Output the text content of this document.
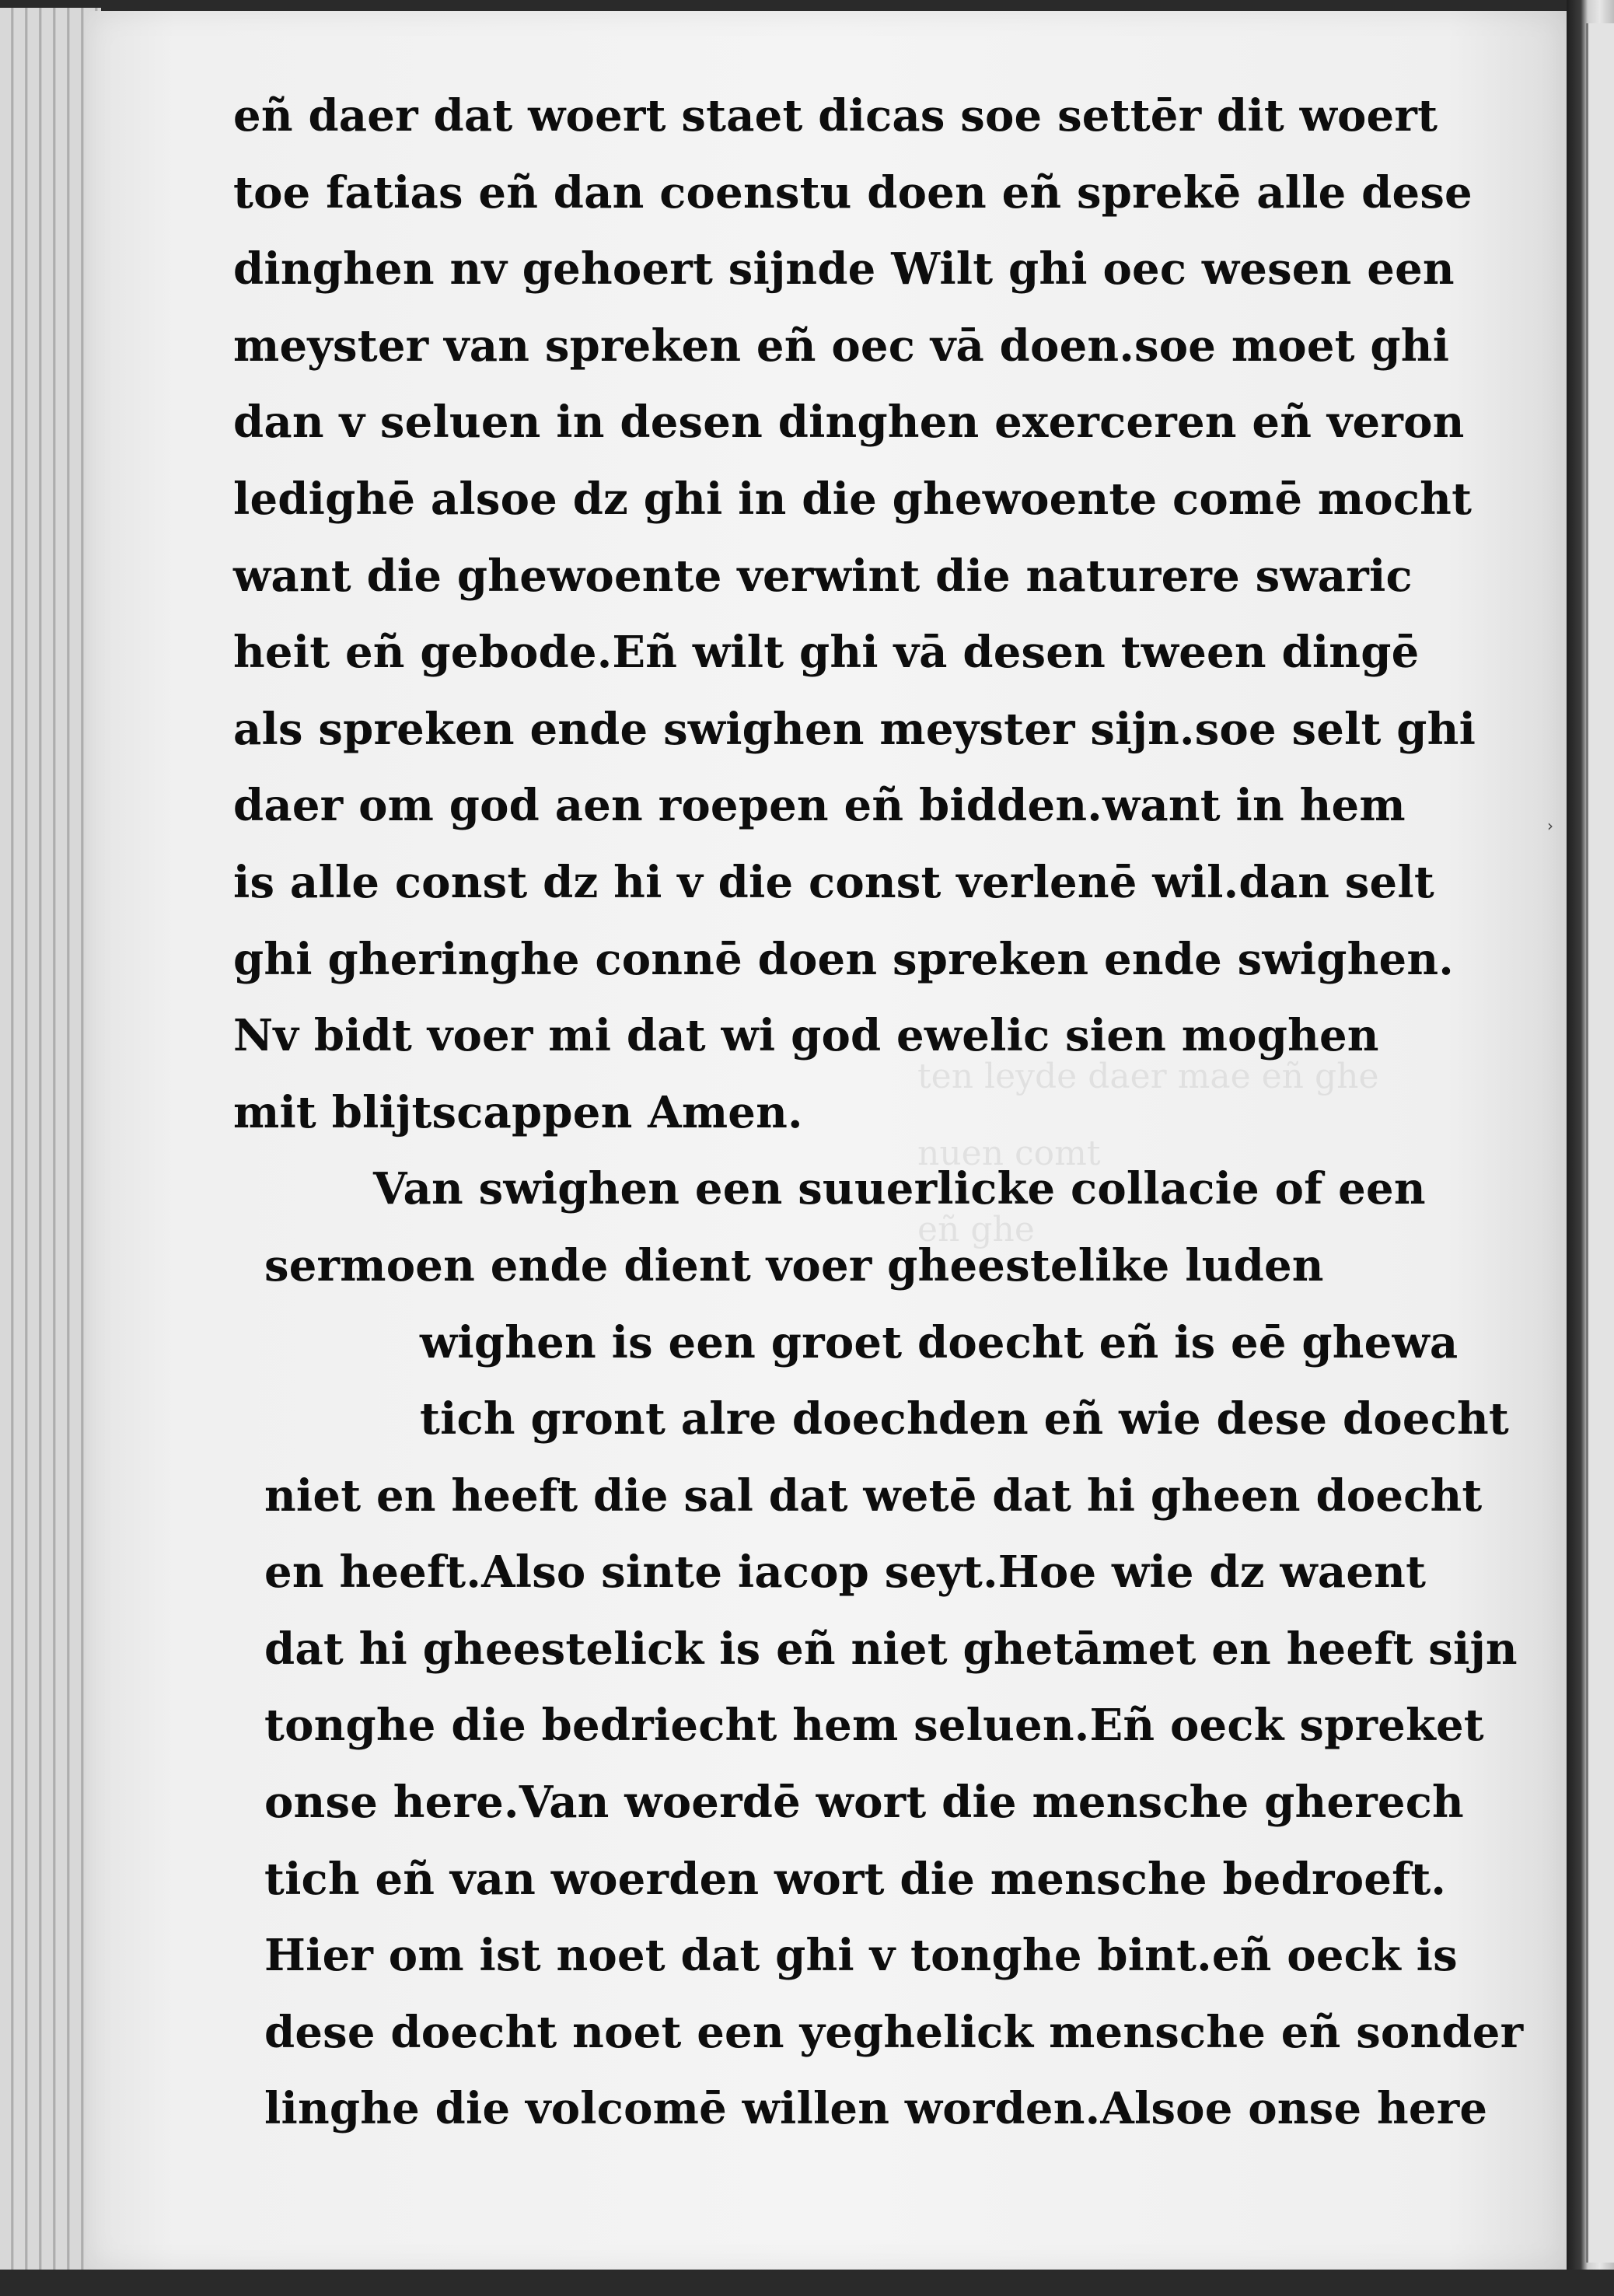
ten leyde daer mae eñ ghe
nuen comt
eñ ghe
›
eñ daer dat woert staet dicas soe settēr dit woert
toe fatias eñ dan coenstu doen eñ sprekē alle dese
dinghen nv gehoert sijnde Wilt ghi oec wesen een
meyster van spreken eñ oec vā doen.soe moet ghi
dan v seluen in desen dinghen exerceren eñ veron
ledighē alsoe dz ghi in die ghewoente comē mocht
want die ghewoente verwint die naturere swaric
heit eñ gebode.Eñ wilt ghi vā desen tween dingē
als spreken ende swighen meyster sijn.soe selt ghi
daer om god aen roepen eñ bidden.want in hem
is alle const dz hi v die const verlenē wil.dan selt
ghi gheringhe connē doen spreken ende swighen.
Nv bidt voer mi dat wi god ewelic sien moghen
mit blijtscappen Amen.
Van swighen een suuerlicke collacie of een
sermoen ende dient voer gheestelike luden
wighen is een groet doecht eñ is eē ghewa
tich gront alre doechden eñ wie dese doecht
niet en heeft die sal dat wetē dat hi gheen doecht
en heeft.Also sinte iacop seyt.Hoe wie dz waent
dat hi gheestelick is eñ niet ghetāmet en heeft sijn
tonghe die bedriecht hem seluen.Eñ oeck spreket
onse here.Van woerdē wort die mensche gherech
tich eñ van woerden wort die mensche bedroeft.
Hier om ist noet dat ghi v tonghe bint.eñ oeck is
dese doecht noet een yeghelick mensche eñ sonder
linghe die volcomē willen worden.Alsoe onse here
